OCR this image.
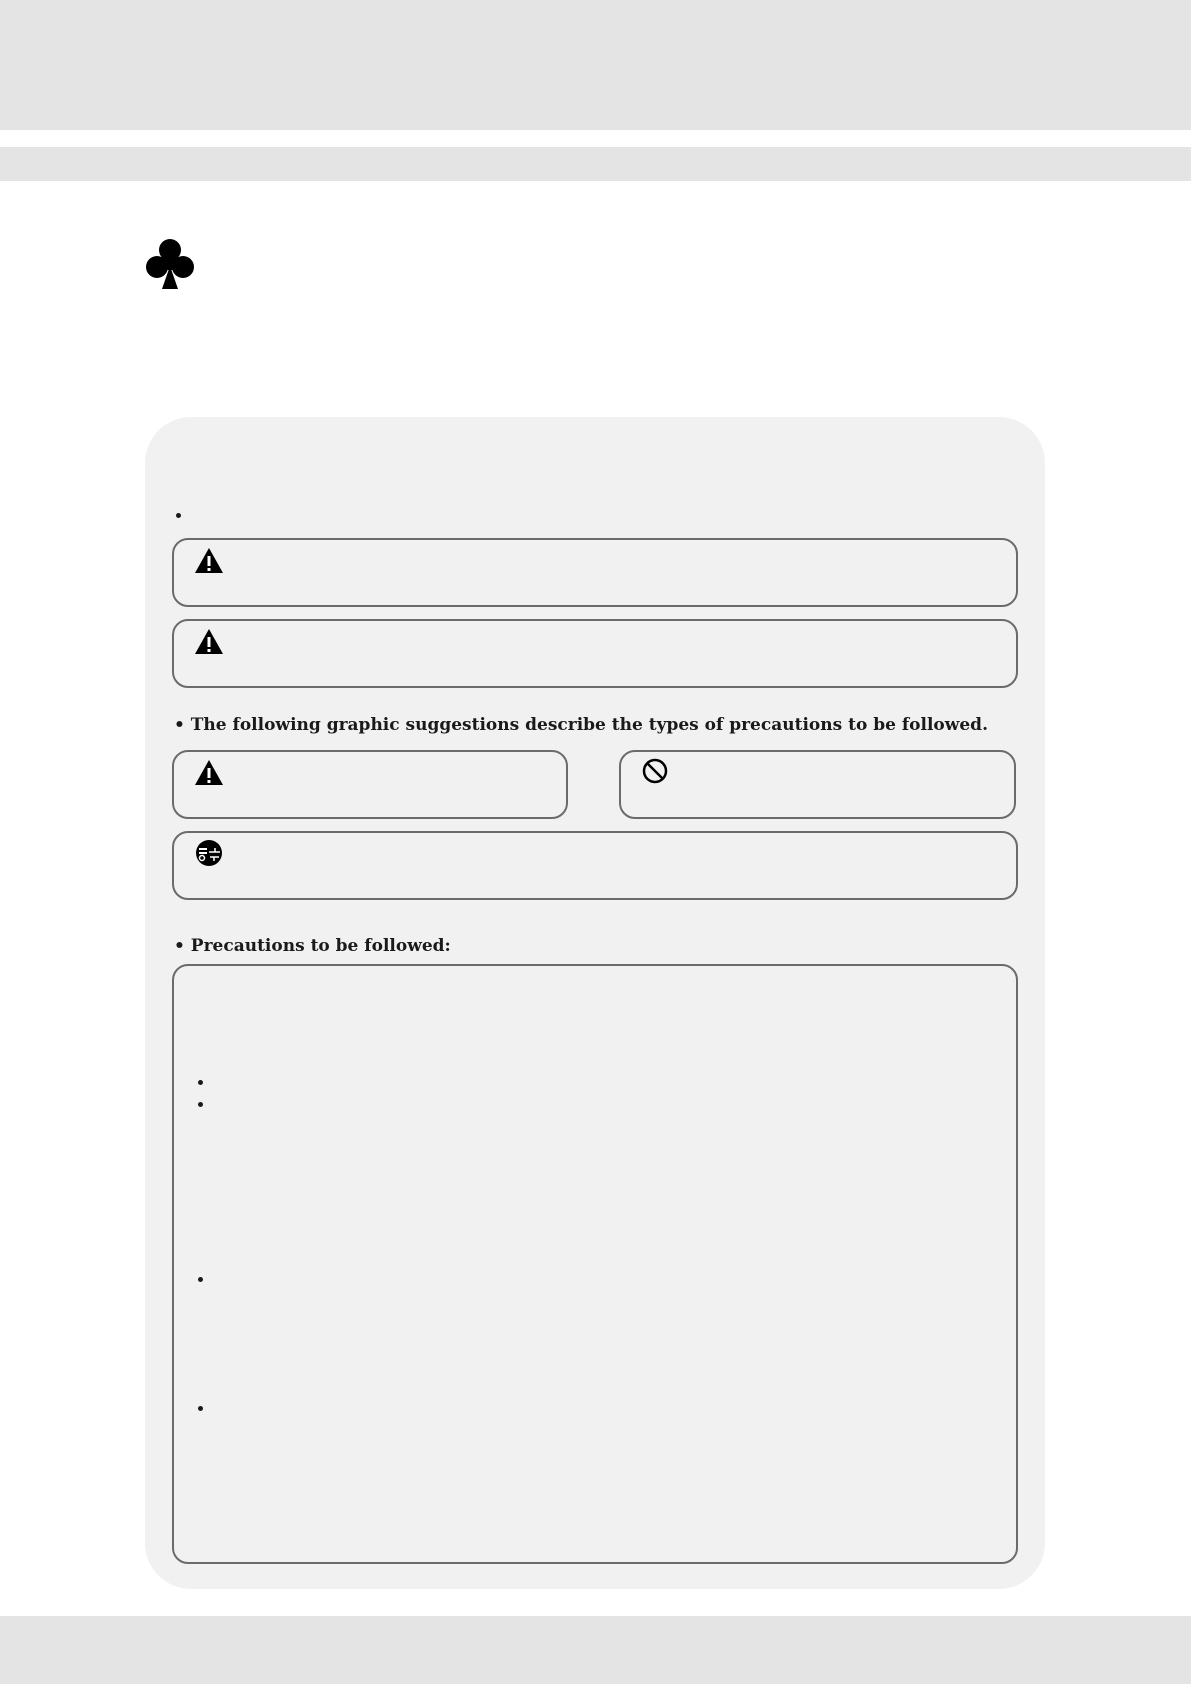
• The following graphic suggestions describe the types of precautions to be followed.
• Precautions to be followed:
